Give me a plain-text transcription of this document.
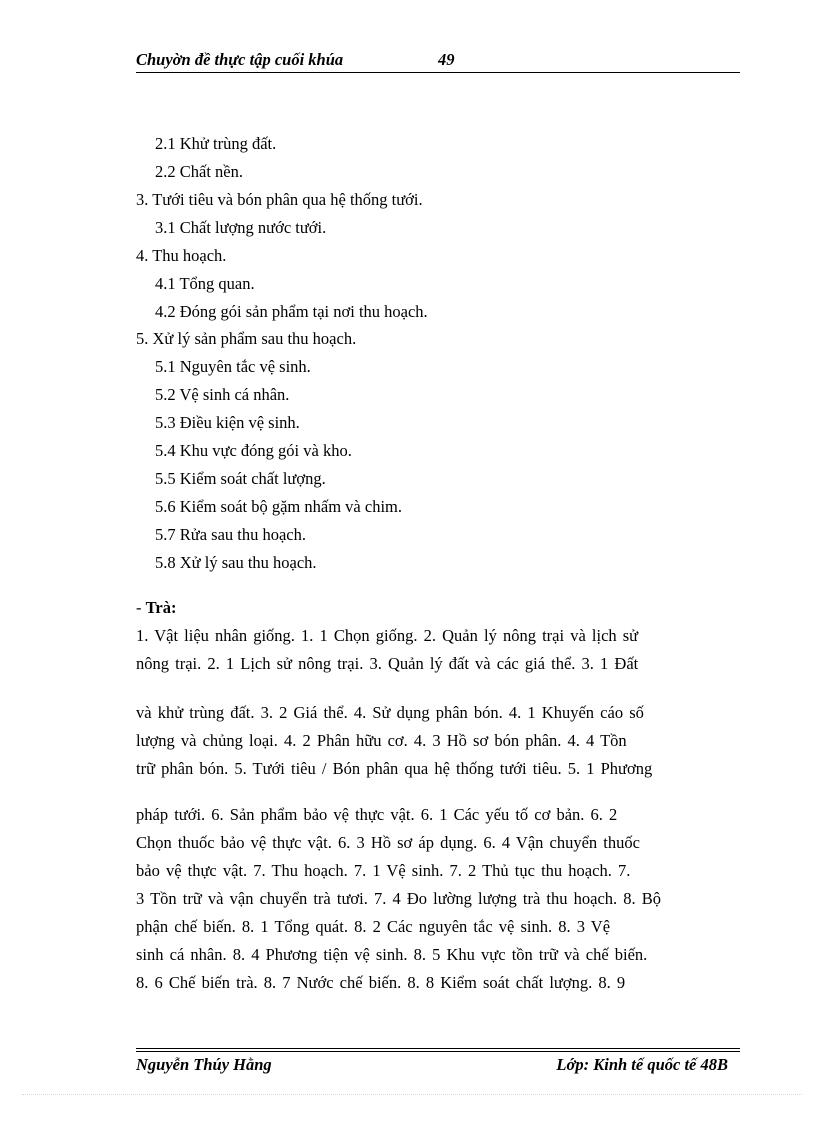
Chuyờn đề thực tập cuối khúa	49
2.1 Khử trùng đất.
2.2 Chất nền.
3. Tưới tiêu và bón phân qua hệ thống tưới.
3.1 Chất lượng nước tưới.
4. Thu hoạch.
4.1 Tổng quan.
4.2 Đóng gói sản phẩm tại nơi thu hoạch.
5. Xử lý sản phẩm sau thu hoạch.
5.1 Nguyên tắc vệ sinh.
5.2 Vệ sinh cá nhân.
5.3 Điều kiện vệ sinh.
5.4 Khu vực đóng gói và kho.
5.5 Kiểm soát chất lượng.
5.6 Kiểm soát bộ gặm nhấm và chim.
5.7 Rửa sau thu hoạch.
5.8 Xử lý sau thu hoạch.
- Trà:
1. Vật liệu nhân giống. 1. 1 Chọn giống. 2. Quản lý nông trại và lịch sử
nông trại. 2. 1 Lịch sử nông trại. 3. Quản lý đất và các giá thể. 3. 1 Đất
và khử trùng đất. 3. 2 Giá thể. 4. Sử dụng phân bón. 4. 1 Khuyến cáo số
lượng và chủng loại. 4. 2 Phân hữu cơ. 4. 3 Hồ sơ bón phân. 4. 4 Tồn
trữ phân bón. 5. Tưới tiêu / Bón phân qua hệ thống tưới tiêu. 5. 1 Phương
pháp tưới. 6. Sản phẩm bảo vệ thực vật. 6. 1 Các yếu tố cơ bản. 6. 2
Chọn thuốc bảo vệ thực vật. 6. 3 Hồ sơ áp dụng. 6. 4 Vận chuyển thuốc
bảo vệ thực vật. 7. Thu hoạch. 7. 1 Vệ sinh. 7. 2 Thủ tục thu hoạch. 7.
3 Tồn trữ và vận chuyển trà tươi. 7. 4 Đo lường lượng trà thu hoạch. 8. Bộ
phận chế biến. 8. 1 Tổng quát. 8. 2 Các nguyên tắc vệ sinh. 8. 3 Vệ
sinh cá nhân. 8. 4 Phương tiện vệ sinh. 8. 5 Khu vực tồn trữ và chế biến.
8. 6 Chế biến trà. 8. 7 Nước chế biến. 8. 8 Kiểm soát chất lượng. 8. 9
Nguyễn Thúy Hằng	Lớp: Kinh tế quốc tế 48B
